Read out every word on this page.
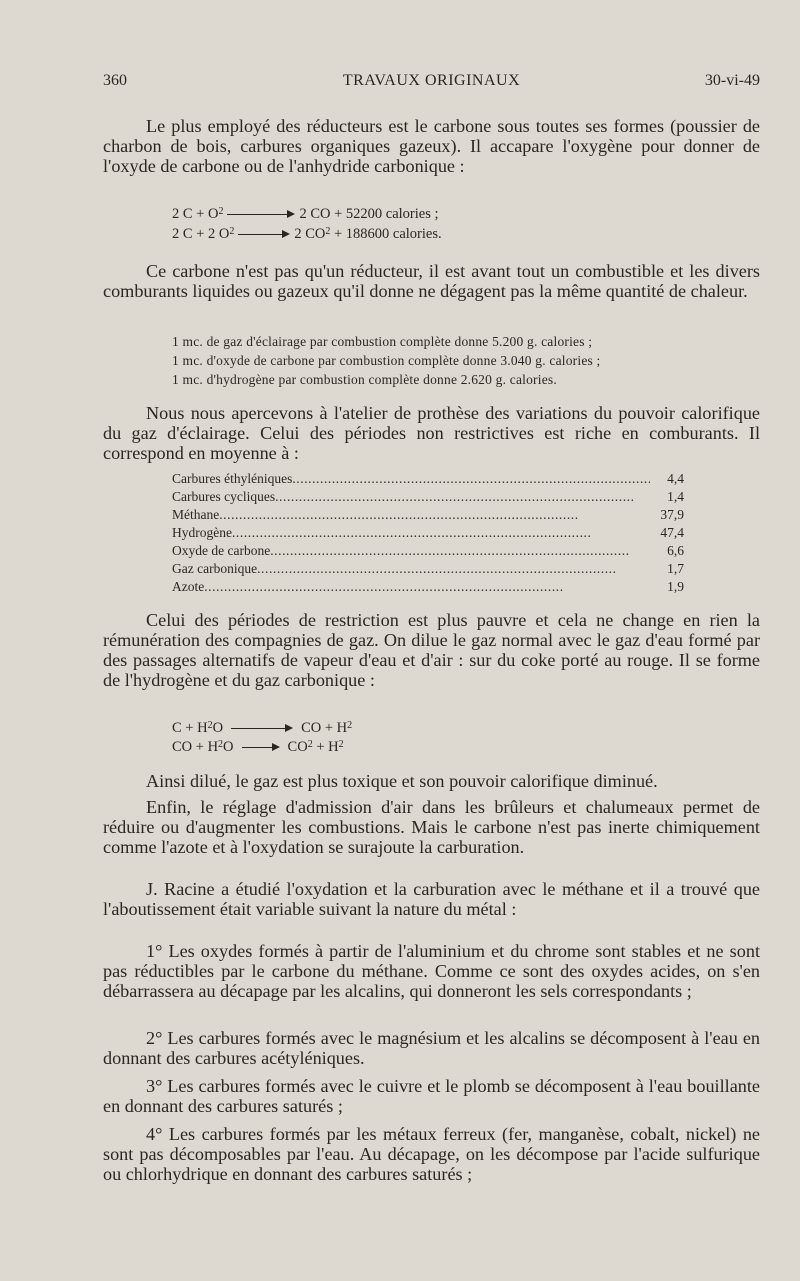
360	TRAVAUX ORIGINAUX	30-vi-49

Le plus employé des réducteurs est le carbone sous toutes ses formes (poussier de charbon de bois, carbures organiques gazeux). Il accapare l'oxygène pour donner de l'oxyde de carbone ou de l'anhydride carbonique :

2 $C + O^2$	2 CO + 52200 calories ;
2 C + 2 $O^2$	2 $CO^2 + 188600$ calories.

Ce carbone n'est pas qu'un réducteur, il est avant tout un combustible et les divers comburants liquides ou gazeux qu'il donne ne dégagent pas la même quantité de chaleur.

1 mc. de gaz d'éclairage par combustion complète donne 5.200 g. calories ;
1 mc. d'oxyde de carbone par combustion complète donne 3.040 g. calories ;
1 mc. d'hydrogène par combustion complète donne 2.620 g. calories.

Nous nous apercevons à l'atelier de prothèse des variations du pouvoir calorifique du gaz d'éclairage. Celui des périodes non restrictives est riche en comburants. Il correspond en moyenne à :

Carbures éthyléniques . . .	4,4
Carbures cycliques . . .	1,4
Méthane . . .	37,9
Hydrogène . . .	47,4
Oxyde de carbone . . .	6,6
Gaz carbonique . . .	1,7
Azote . . .	1,9

Celui des périodes de restriction est plus pauvre et cela ne change en rien la rémunération des compagnies de gaz. On dilue le gaz normal avec le gaz d'eau formé par des passages alternatifs de vapeur d'eau et d'air : sur du coke porté au rouge. Il se forme de l'hydrogène et du gaz carbonique :

$C + H^2O$	CO + $H^2$
CO + $H^2O$	$CO^2 + H^2$

Ainsi dilué, le gaz est plus toxique et son pouvoir calorifique diminué.

Enfin, le réglage d'admission d'air dans les brûleurs et chalumeaux permet de réduire ou d'augmenter les combustions. Mais le carbone n'est pas inerte chimiquement comme l'azote et à l'oxydation se surajoute la carburation.

J. Racine a étudié l'oxydation et la carburation avec le méthane et il a trouvé que l'aboutissement était variable suivant la nature du métal :

1° Les oxydes formés à partir de l'aluminium et du chrome sont stables et ne sont pas réductibles par le carbone du méthane. Comme ce sont des oxydes acides, on s'en débarrassera au décapage par les alcalins, qui donneront les sels correspondants ;

2° Les carbures formés avec le magnésium et les alcalins se décomposent à l'eau en donnant des carbures acétyléniques.

3° Les carbures formés avec le cuivre et le plomb se décomposent à l'eau bouillante en donnant des carbures saturés ;

4° Les carbures formés par les métaux ferreux (fer, manganèse, cobalt, nickel) ne sont pas décomposables par l'eau. Au décapage, on les décompose par l'acide sulfurique ou chlorhydrique en donnant des carbures saturés ;
